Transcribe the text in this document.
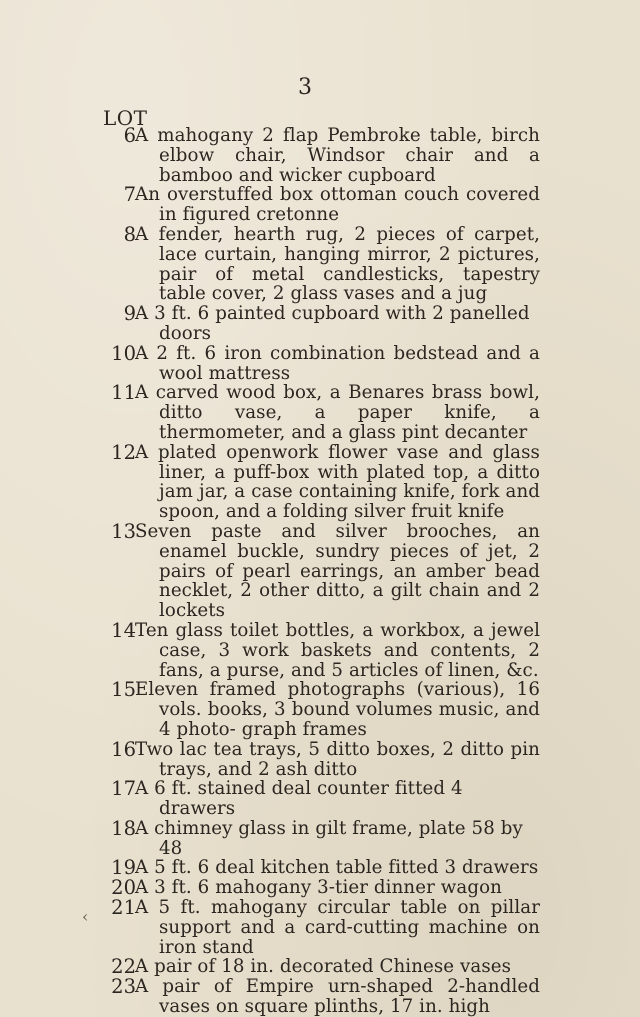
3
LOT
‹
6 A mahogany 2 flap Pembroke table, birch elbow chair, Windsor chair and a bamboo and wicker cupboard
7 An overstuffed box ottoman couch covered in figured cretonne
8 A fender, hearth rug, 2 pieces of carpet, lace curtain, hanging mirror, 2 pictures, pair of metal candlesticks, tapestry table cover, 2 glass vases and a jug
9 A 3 ft. 6 painted cupboard with 2 panelled doors
10 A 2 ft. 6 iron combination bedstead and a wool mattress
11 A carved wood box, a Benares brass bowl, ditto vase, a paper knife, a thermometer, and a glass pint decanter
12 A plated openwork flower vase and glass liner, a puff-box with plated top, a ditto jam jar, a case containing knife, fork and spoon, and a folding silver fruit knife
13 Seven paste and silver brooches, an enamel buckle, sundry pieces of jet, 2 pairs of pearl earrings, an amber bead necklet, 2 other ditto, a gilt chain and 2 lockets
14 Ten glass toilet bottles, a workbox, a jewel case, 3 work baskets and contents, 2 fans, a purse, and 5 articles of linen, &c.
15 Eleven framed photographs (various), 16 vols. books, 3 bound volumes music, and 4 photo- graph frames
16 Two lac tea trays, 5 ditto boxes, 2 ditto pin trays, and 2 ash ditto
17 A 6 ft. stained deal counter fitted 4 drawers
18 A chimney glass in gilt frame, plate 58 by 48
19 A 5 ft. 6 deal kitchen table fitted 3 drawers
20 A 3 ft. 6 mahogany 3-tier dinner wagon
21 A 5 ft. mahogany circular table on pillar support and a card-cutting machine on iron stand
22 A pair of 18 in. decorated Chinese vases
23 A pair of Empire urn-shaped 2-handled vases on square plinths, 17 in. high
